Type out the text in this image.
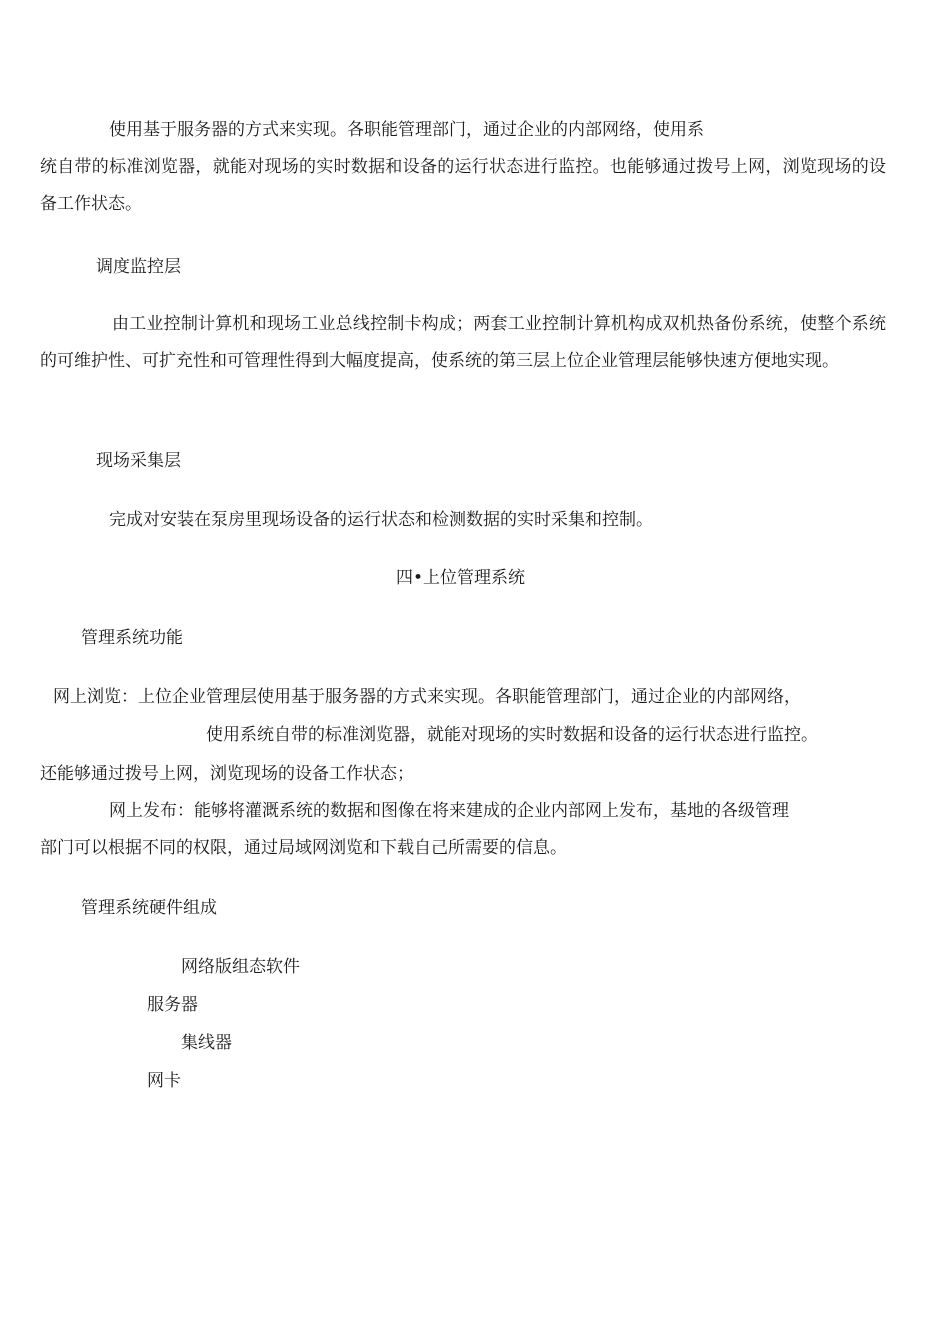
使用基于服务器的方式来实现。各职能管理部门，通过企业的内部网络，使用系
统自带的标准浏览器，就能对现场的实时数据和设备的运行状态进行监控。也能够通过拨号上网，浏览现场的设备工作状态。
调度监控层
由工业控制计算机和现场工业总线控制卡构成；两套工业控制计算机构成双机热备份系统，使整个系统的可维护性、可扩充性和可管理性得到大幅度提高，使系统的第三层上位企业管理层能够快速方便地实现。
现场采集层
完成对安装在泵房里现场设备的运行状态和检测数据的实时采集和控制。
四•上位管理系统
管理系统功能
网上浏览：上位企业管理层使用基于服务器的方式来实现。各职能管理部门，通过企业的内部网络，
使用系统自带的标准浏览器，就能对现场的实时数据和设备的运行状态进行监控。
还能够通过拨号上网，浏览现场的设备工作状态；
网上发布：能够将灌溉系统的数据和图像在将来建成的企业内部网上发布，基地的各级管理
部门可以根据不同的权限，通过局域网浏览和下载自己所需要的信息。
管理系统硬件组成
网络版组态软件
服务器
集线器
网卡
